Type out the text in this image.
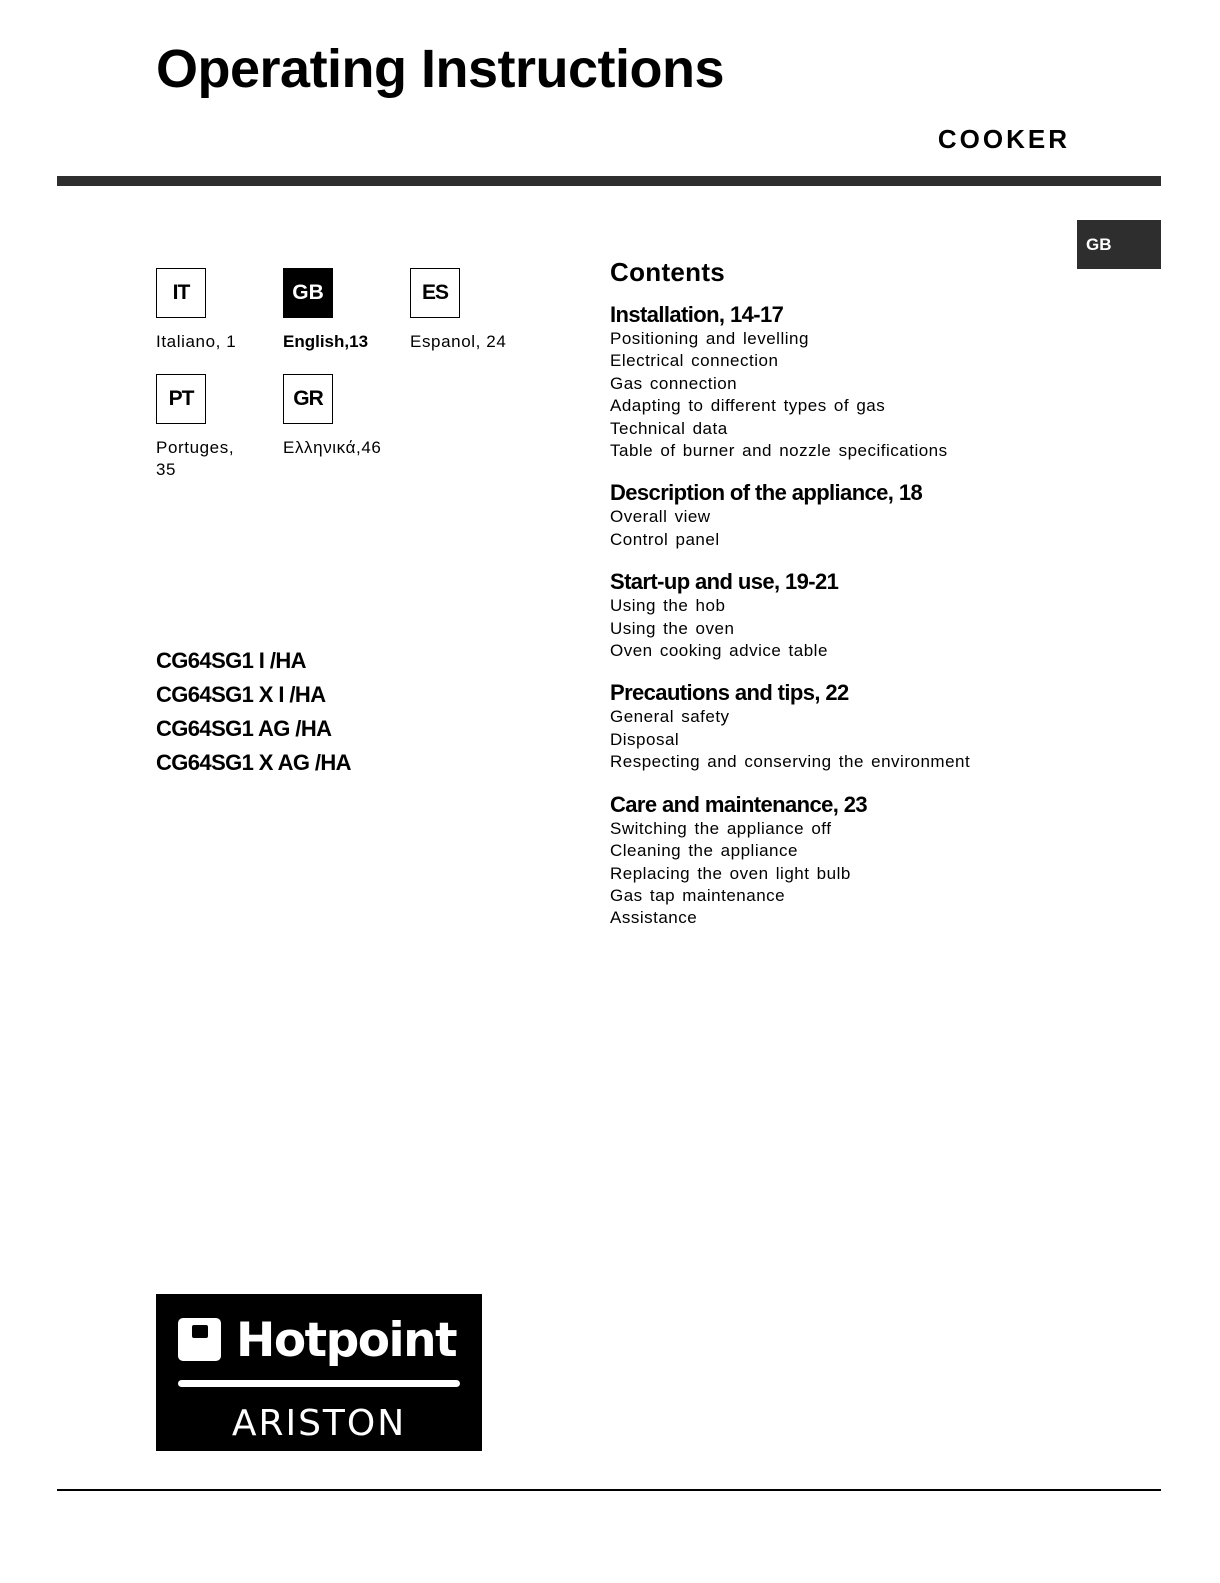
Operating Instructions
COOKER
GB
IT
Italiano, 1
GB
English,13
ES
Espanol, 24
PT
Portuges, 35
GR
Ελληνικά,46
CG64SG1 I /HA
CG64SG1 X I /HA
CG64SG1 AG /HA
CG64SG1 X AG /HA
Contents
Installation, 14-17
Positioning and levelling
Electrical connection
Gas connection
Adapting to different types of gas
Technical data
Table of burner and nozzle specifications
Description of the appliance, 18
Overall view
Control panel
Start-up and use, 19-21
Using the hob
Using the oven
Oven cooking advice table
Precautions and tips, 22
General safety
Disposal
Respecting and conserving the environment
Care and maintenance, 23
Switching the appliance off
Cleaning the appliance
Replacing the oven light bulb
Gas tap maintenance
Assistance
Hotpoint
ARISTON
